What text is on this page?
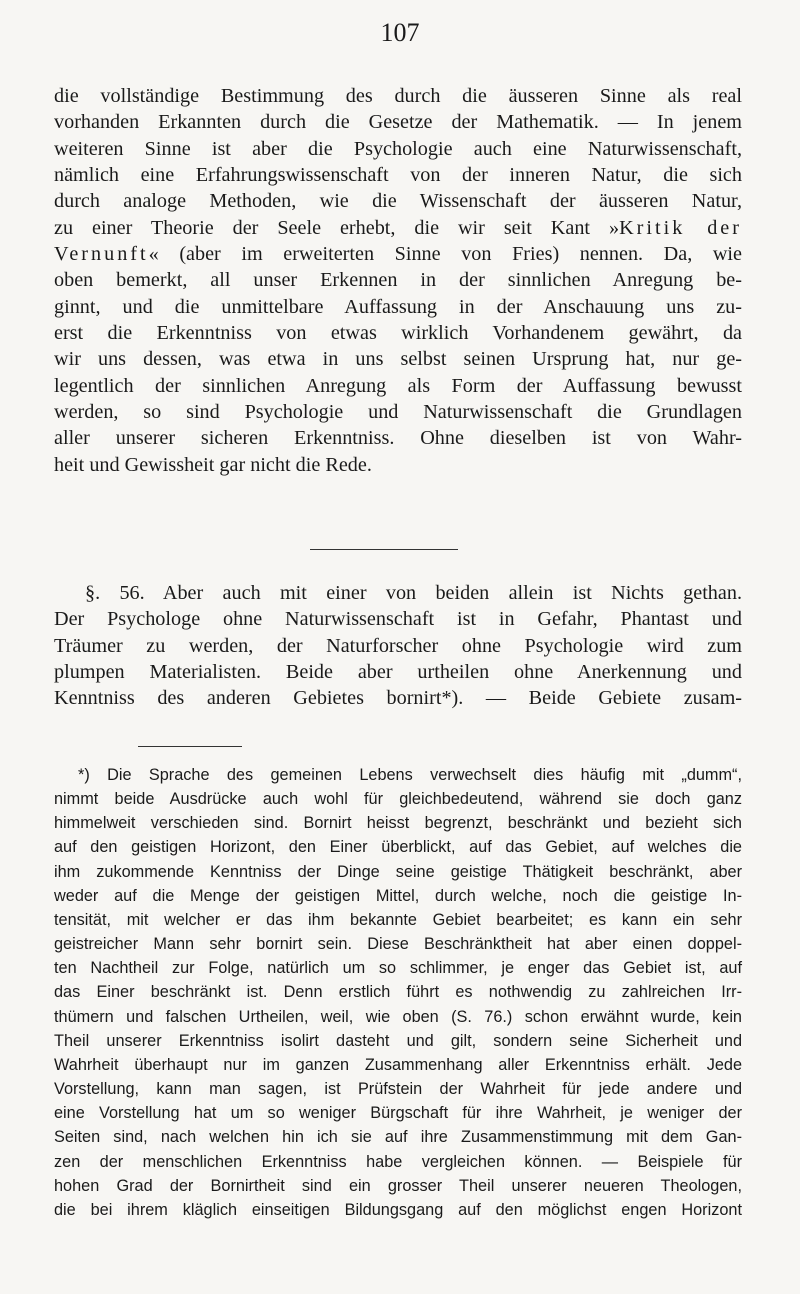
107
die vollständige Bestimmung des durch die äusseren Sinne als real
vorhanden Erkannten durch die Gesetze der Mathematik. — In jenem
weiteren Sinne ist aber die Psychologie auch eine Naturwissenschaft,
nämlich eine Erfahrungswissenschaft von der inneren Natur, die sich
durch analoge Methoden, wie die Wissenschaft der äusseren Natur,
zu einer Theorie der Seele erhebt, die wir seit Kant »Kritik der
Vernunft« (aber im erweiterten Sinne von Fries) nennen. Da, wie
oben bemerkt, all unser Erkennen in der sinnlichen Anregung be-
ginnt, und die unmittelbare Auffassung in der Anschauung uns zu-
erst die Erkenntniss von etwas wirklich Vorhandenem gewährt, da
wir uns dessen, was etwa in uns selbst seinen Ursprung hat, nur ge-
legentlich der sinnlichen Anregung als Form der Auffassung bewusst
werden, so sind Psychologie und Naturwissenschaft die Grundlagen
aller unserer sicheren Erkenntniss. Ohne dieselben ist von Wahr-
heit und Gewissheit gar nicht die Rede.
§. 56. Aber auch mit einer von beiden allein ist Nichts gethan.
Der Psychologe ohne Naturwissenschaft ist in Gefahr, Phantast und
Träumer zu werden, der Naturforscher ohne Psychologie wird zum
plumpen Materialisten. Beide aber urtheilen ohne Anerkennung und
Kenntniss des anderen Gebietes bornirt*). — Beide Gebiete zusam-
*) Die Sprache des gemeinen Lebens verwechselt dies häufig mit „dumm“,
nimmt beide Ausdrücke auch wohl für gleichbedeutend, während sie doch ganz
himmelweit verschieden sind. Bornirt heisst begrenzt, beschränkt und bezieht sich
auf den geistigen Horizont, den Einer überblickt, auf das Gebiet, auf welches die
ihm zukommende Kenntniss der Dinge seine geistige Thätigkeit beschränkt, aber
weder auf die Menge der geistigen Mittel, durch welche, noch die geistige In-
tensität, mit welcher er das ihm bekannte Gebiet bearbeitet; es kann ein sehr
geistreicher Mann sehr bornirt sein. Diese Beschränktheit hat aber einen doppel-
ten Nachtheil zur Folge, natürlich um so schlimmer, je enger das Gebiet ist, auf
das Einer beschränkt ist. Denn erstlich führt es nothwendig zu zahlreichen Irr-
thümern und falschen Urtheilen, weil, wie oben (S. 76.) schon erwähnt wurde, kein
Theil unserer Erkenntniss isolirt dasteht und gilt, sondern seine Sicherheit und
Wahrheit überhaupt nur im ganzen Zusammenhang aller Erkenntniss erhält. Jede
Vorstellung, kann man sagen, ist Prüfstein der Wahrheit für jede andere und
eine Vorstellung hat um so weniger Bürgschaft für ihre Wahrheit, je weniger der
Seiten sind, nach welchen hin ich sie auf ihre Zusammenstimmung mit dem Gan-
zen der menschlichen Erkenntniss habe vergleichen können. — Beispiele für
hohen Grad der Bornirtheit sind ein grosser Theil unserer neueren Theologen,
die bei ihrem kläglich einseitigen Bildungsgang auf den möglichst engen Horizont
